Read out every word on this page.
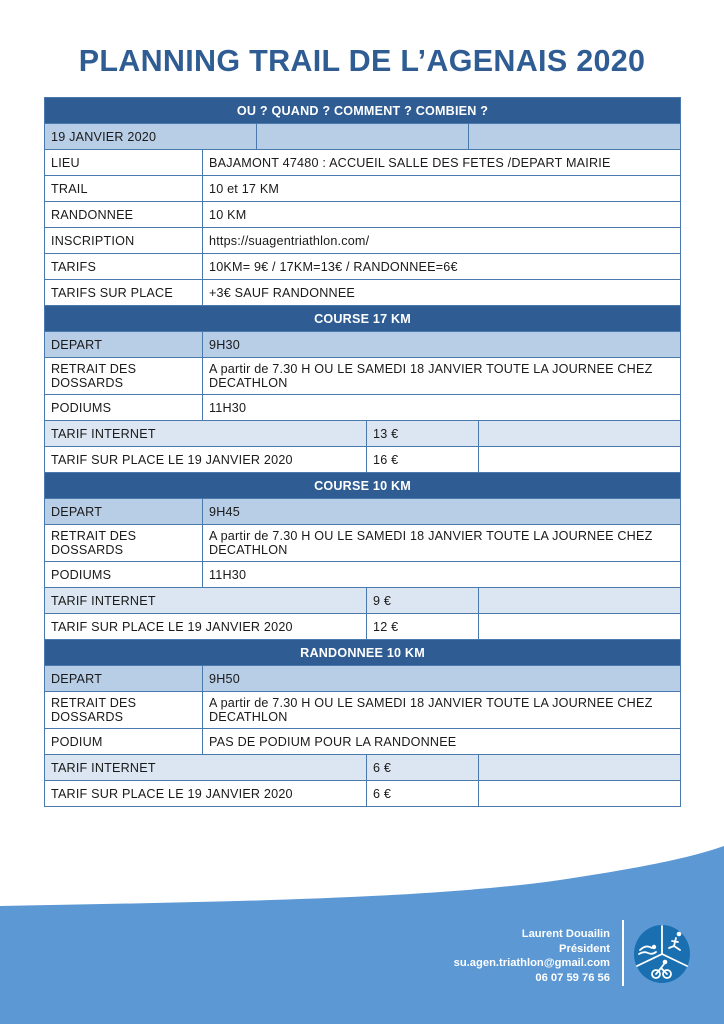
PLANNING TRAIL DE L’AGENAIS 2020
OU ? QUAND ? COMMENT ? COMBIEN ?					
19 JANVIER 2020					
LIEU	BAJAMONT 47480 : ACCUEIL SALLE DES FETES /DEPART MAIRIE				
TRAIL	10 et 17 KM				
RANDONNEE	10 KM				
INSCRIPTION	https://suagentriathlon.com/				
TARIFS	10KM= 9€ / 17KM=13€ / RANDONNEE=6€				
TARIFS SUR PLACE	+3€ SAUF RANDONNEE				
COURSE 17 KM					
DEPART	9H30				
RETRAIT DES DOSSARDS	A partir de 7.30 H OU LE SAMEDI 18 JANVIER TOUTE LA JOURNEE CHEZ DECATHLON				
PODIUMS	11H30				
TARIF INTERNET			13 €		
TARIF SUR PLACE LE 19 JANVIER 2020			16 €		
COURSE 10 KM					
DEPART	9H45				
RETRAIT DES DOSSARDS	A partir de 7.30 H OU LE SAMEDI 18 JANVIER TOUTE LA JOURNEE CHEZ DECATHLON				
PODIUMS	11H30				
TARIF INTERNET			9 €		
TARIF SUR PLACE LE 19 JANVIER 2020			12 €		
RANDONNEE 10 KM					
DEPART	9H50				
RETRAIT DES DOSSARDS	A partir de 7.30 H OU LE SAMEDI 18 JANVIER TOUTE LA JOURNEE CHEZ DECATHLON				
PODIUM	PAS DE PODIUM POUR LA RANDONNEE				
TARIF INTERNET			6 €		
TARIF SUR PLACE LE 19 JANVIER 2020			6 €		
Laurent Douailin
Président
su.agen.triathlon@gmail.com
06 07 59 76 56
